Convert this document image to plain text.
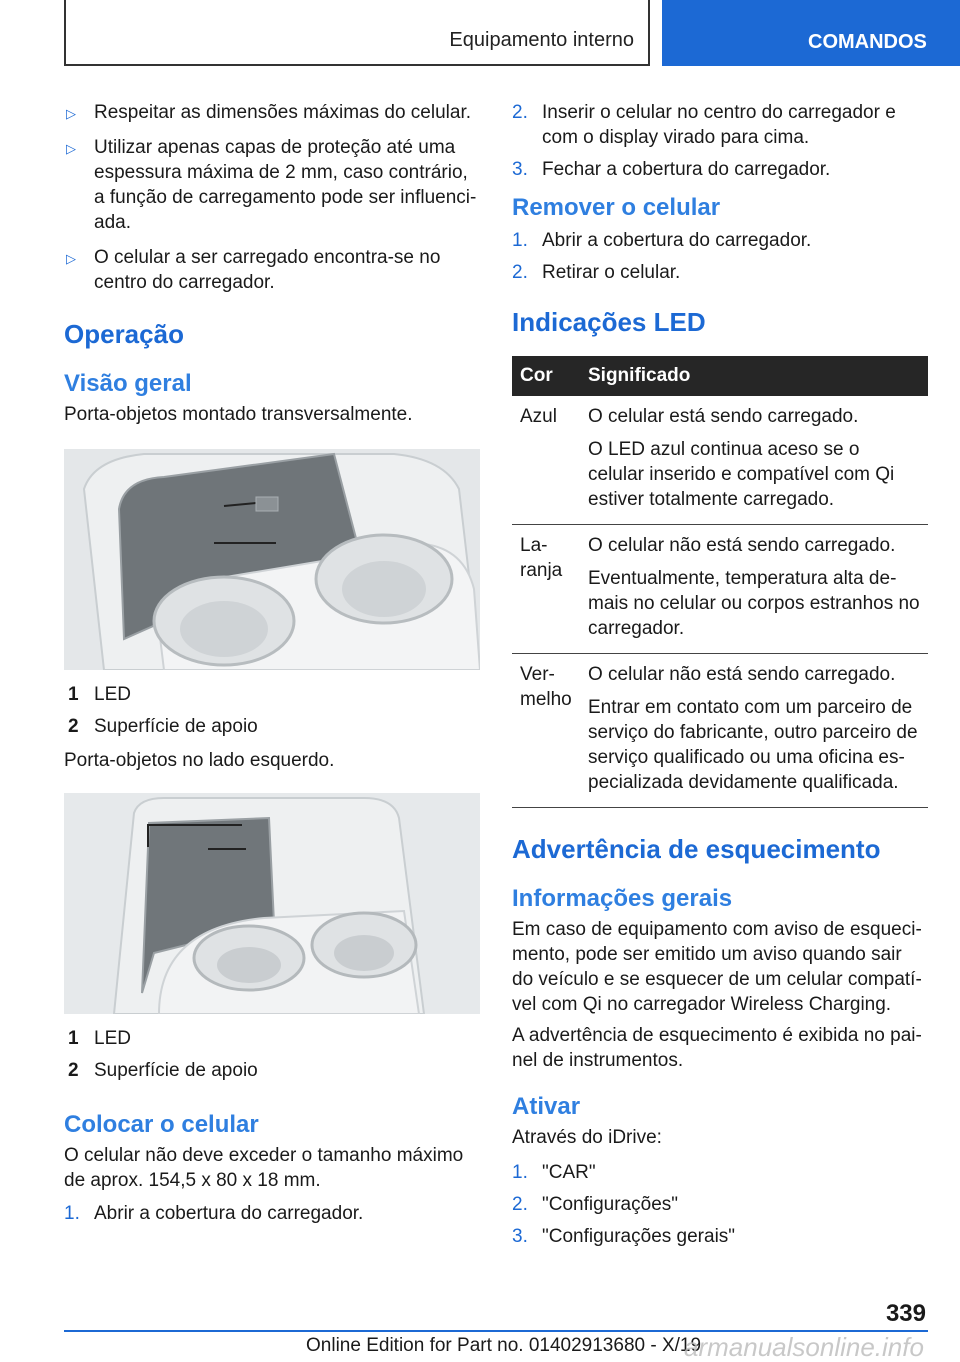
Equipamento interno	COMANDOS
▷ Respeitar as dimensões máximas do celular.
▷ Utilizar apenas capas de proteção até uma espessura máxima de 2 mm, caso contrário, a função de carregamento pode ser influenci‐ada.
▷ O celular a ser carregado encontra-se no centro do carregador.
Operação
Visão geral
Porta-objetos montado transversalmente.
1 LED
2 Superfície de apoio
Porta-objetos no lado esquerdo.
1 LED
2 Superfície de apoio
Colocar o celular
O celular não deve exceder o tamanho máximo de aprox. 154,5 x 80 x 18 mm.
1. Abrir a cobertura do carregador.
2. Inserir o celular no centro do carregador e com o display virado para cima.
3. Fechar a cobertura do carregador.
Remover o celular
1. Abrir a cobertura do carregador.
2. Retirar o celular.
Indicações LED
Cor	Significado
Azul	O celular está sendo carregado.

O LED azul continua aceso se o celular inserido e compatível com Qi estiver totalmente carregado.

La‐ranja	O celular não está sendo carregado.

Eventualmente, temperatura alta de‐mais no celular ou corpos estranhos no carregador.

Ver‐melho	O celular não está sendo carregado.

Entrar em contato com um parceiro de serviço do fabricante, outro parceiro de serviço qualificado ou uma oficina es‐pecializada devidamente qualificada.

Advertência de esquecimento
Informações gerais
Em caso de equipamento com aviso de esqueci‐mento, pode ser emitido um aviso quando sair do veículo e se esquecer de um celular compatí‐vel com Qi no carregador Wireless Charging.
A advertência de esquecimento é exibida no pai‐nel de instrumentos.
Ativar
Através do iDrive:
1. "CAR"
2. "Configurações"
3. "Configurações gerais"
339
Online Edition for Part no. 01402913680 - X/19
armanualsonline.info
